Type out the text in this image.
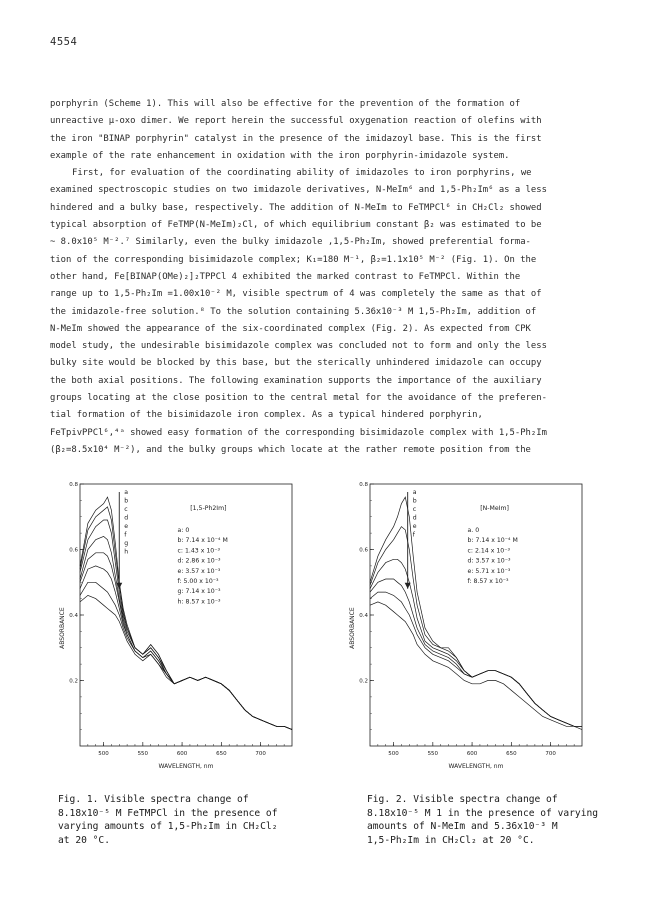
4554
porphyrin (Scheme 1). This will also be effective for the prevention of the formation of
unreactive μ-oxo dimer. We report herein the successful oxygenation reaction of olefins with
the iron "BINAP porphyrin" catalyst in the presence of the imidazoyl base. This is the first
example of the rate enhancement in oxidation with the iron porphyrin-imidazole system.
First, for evaluation of the coordinating ability of imidazoles to iron porphyrins, we
examined spectroscopic studies on two imidazole derivatives, N-MeIm⁶ and 1,5-Ph₂Im⁶ as a less
hindered and a bulky base, respectively. The addition of N-MeIm to FeTMPCl⁶ in CH₂Cl₂ showed
typical absorption of FeTMP(N-MeIm)₂Cl, of which equilibrium constant β₂ was estimated to be
~ 8.0x10⁵ M⁻².⁷ Similarly, even the bulky imidazole ,1,5-Ph₂Im, showed preferential forma-
tion of the corresponding bisimidazole complex; K₁=180 M⁻¹, β₂=1.1x10⁵ M⁻² (Fig. 1). On the
other hand, Fe[BINAP(OMe)₂]₂TPPCl 4 exhibited the marked contrast to FeTMPCl. Within the
range up to 1,5-Ph₂Im =1.00x10⁻² M, visible spectrum of 4 was completely the same as that of
the imidazole-free solution.⁸ To the solution containing 5.36x10⁻³ M 1,5-Ph₂Im, addition of
N-MeIm showed the appearance of the six-coordinated complex (Fig. 2). As expected from CPK
model study, the undesirable bisimidazole complex was concluded not to form and only the less
bulky site would be blocked by this base, but the sterically unhindered imidazole can occupy
the both axial positions. The following examination supports the importance of the auxiliary
groups locating at the close position to the central metal for the avoidance of the preferen-
tial formation of the bisimidazole iron complex. As a typical hindered porphyrin,
FeTpivPPCl⁶,⁴ᵃ showed easy formation of the corresponding bisimidazole complex with 1,5-Ph₂Im
(β₂=8.5x10⁴ M⁻²), and the bulky groups which locate at the rather remote position from the
500	550	600	650	700
0.2
0.4
0.6
0.8
WAVELENGTH, nm
ABSORBANCE
a
b
c
d
e
f
g
h
[1,5-Ph2Im]
a: 0
b: 7.14 x 10⁻⁴ M
c: 1.43 x 10⁻³
d: 2.86 x 10⁻³
e: 3.57 x 10⁻³
f: 5.00 x 10⁻³
g: 7.14 x 10⁻³
h: 8.57 x 10⁻³
500	550	600	650	700
0.2
0.4
0.6
0.8
WAVELENGTH, nm
ABSORBANCE
a
b
c
d
e
f
[N-MeIm]
a. 0
b: 7.14 x 10⁻⁴ M
c: 2.14 x 10⁻³
d: 3.57 x 10⁻³
e: 5.71 x 10⁻³
f: 8.57 x 10⁻³
Fig. 1. Visible spectra change of
8.18x10⁻⁵ M FeTMPCl in the presence of
varying amounts of 1,5-Ph₂Im in CH₂Cl₂
at 20 °C.
Fig. 2. Visible spectra change of
8.18x10⁻⁵ M 1 in the presence of varying
amounts of N-MeIm and 5.36x10⁻³ M
1,5-Ph₂Im in CH₂Cl₂ at 20 °C.
